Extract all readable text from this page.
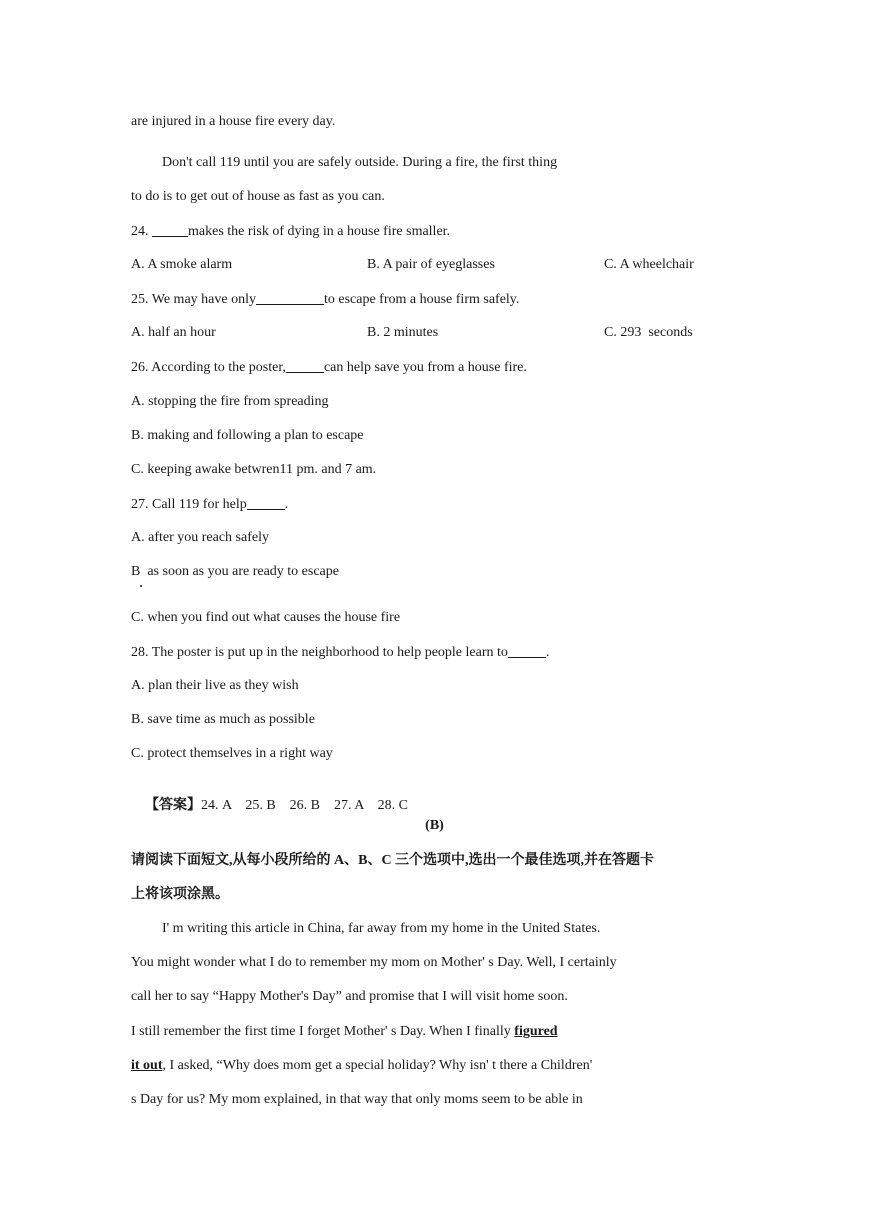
are injured in a house fire every day.
Don't call 119 until you are safely outside. During a fire, the first thing
to do is to get out of house as fast as you can.
24.	makes the risk of dying in a house fire smaller.
A. A smoke alarm	B. A pair of eyeglasses	C. A wheelchair
25. We may have only	to escape from a house firm safely.
A. half an hour	B. 2 minutes	C. 293  seconds
26. According to the poster,	can help save you from a house fire.
A. stopping the fire from spreading
B. making and following a plan to escape
C. keeping awake betwren11 pm. and 7 am.
27. Call 119 for help	.
A. after you reach safely
B  as soon as you are ready to escape
C. when you find out what causes the house fire
28. The poster is put up in the neighborhood to help people learn to	.
A. plan their live as they wish
B. save time as much as possible
C. protect themselves in a right way

【答案】24. A    25. B    26. B    27. A    28. C

(B)
请阅读下面短文,从每小段所给的 A、B、C 三个选项中,选出一个最佳选项,并在答题卡
上将该项涂黑。
I' m writing this article in China, far away from my home in the United States.
You might wonder what I do to remember my mom on Mother' s Day. Well, I certainly
call her to say “Happy Mother's Day” and promise that I will visit home soon.
I still remember the first time I forget Mother' s Day. When I finally figured
it out, I asked, “Why does mom get a special holiday? Why isn' t there a Children'
s Day for us? My mom explained, in that way that only moms seem to be able in
